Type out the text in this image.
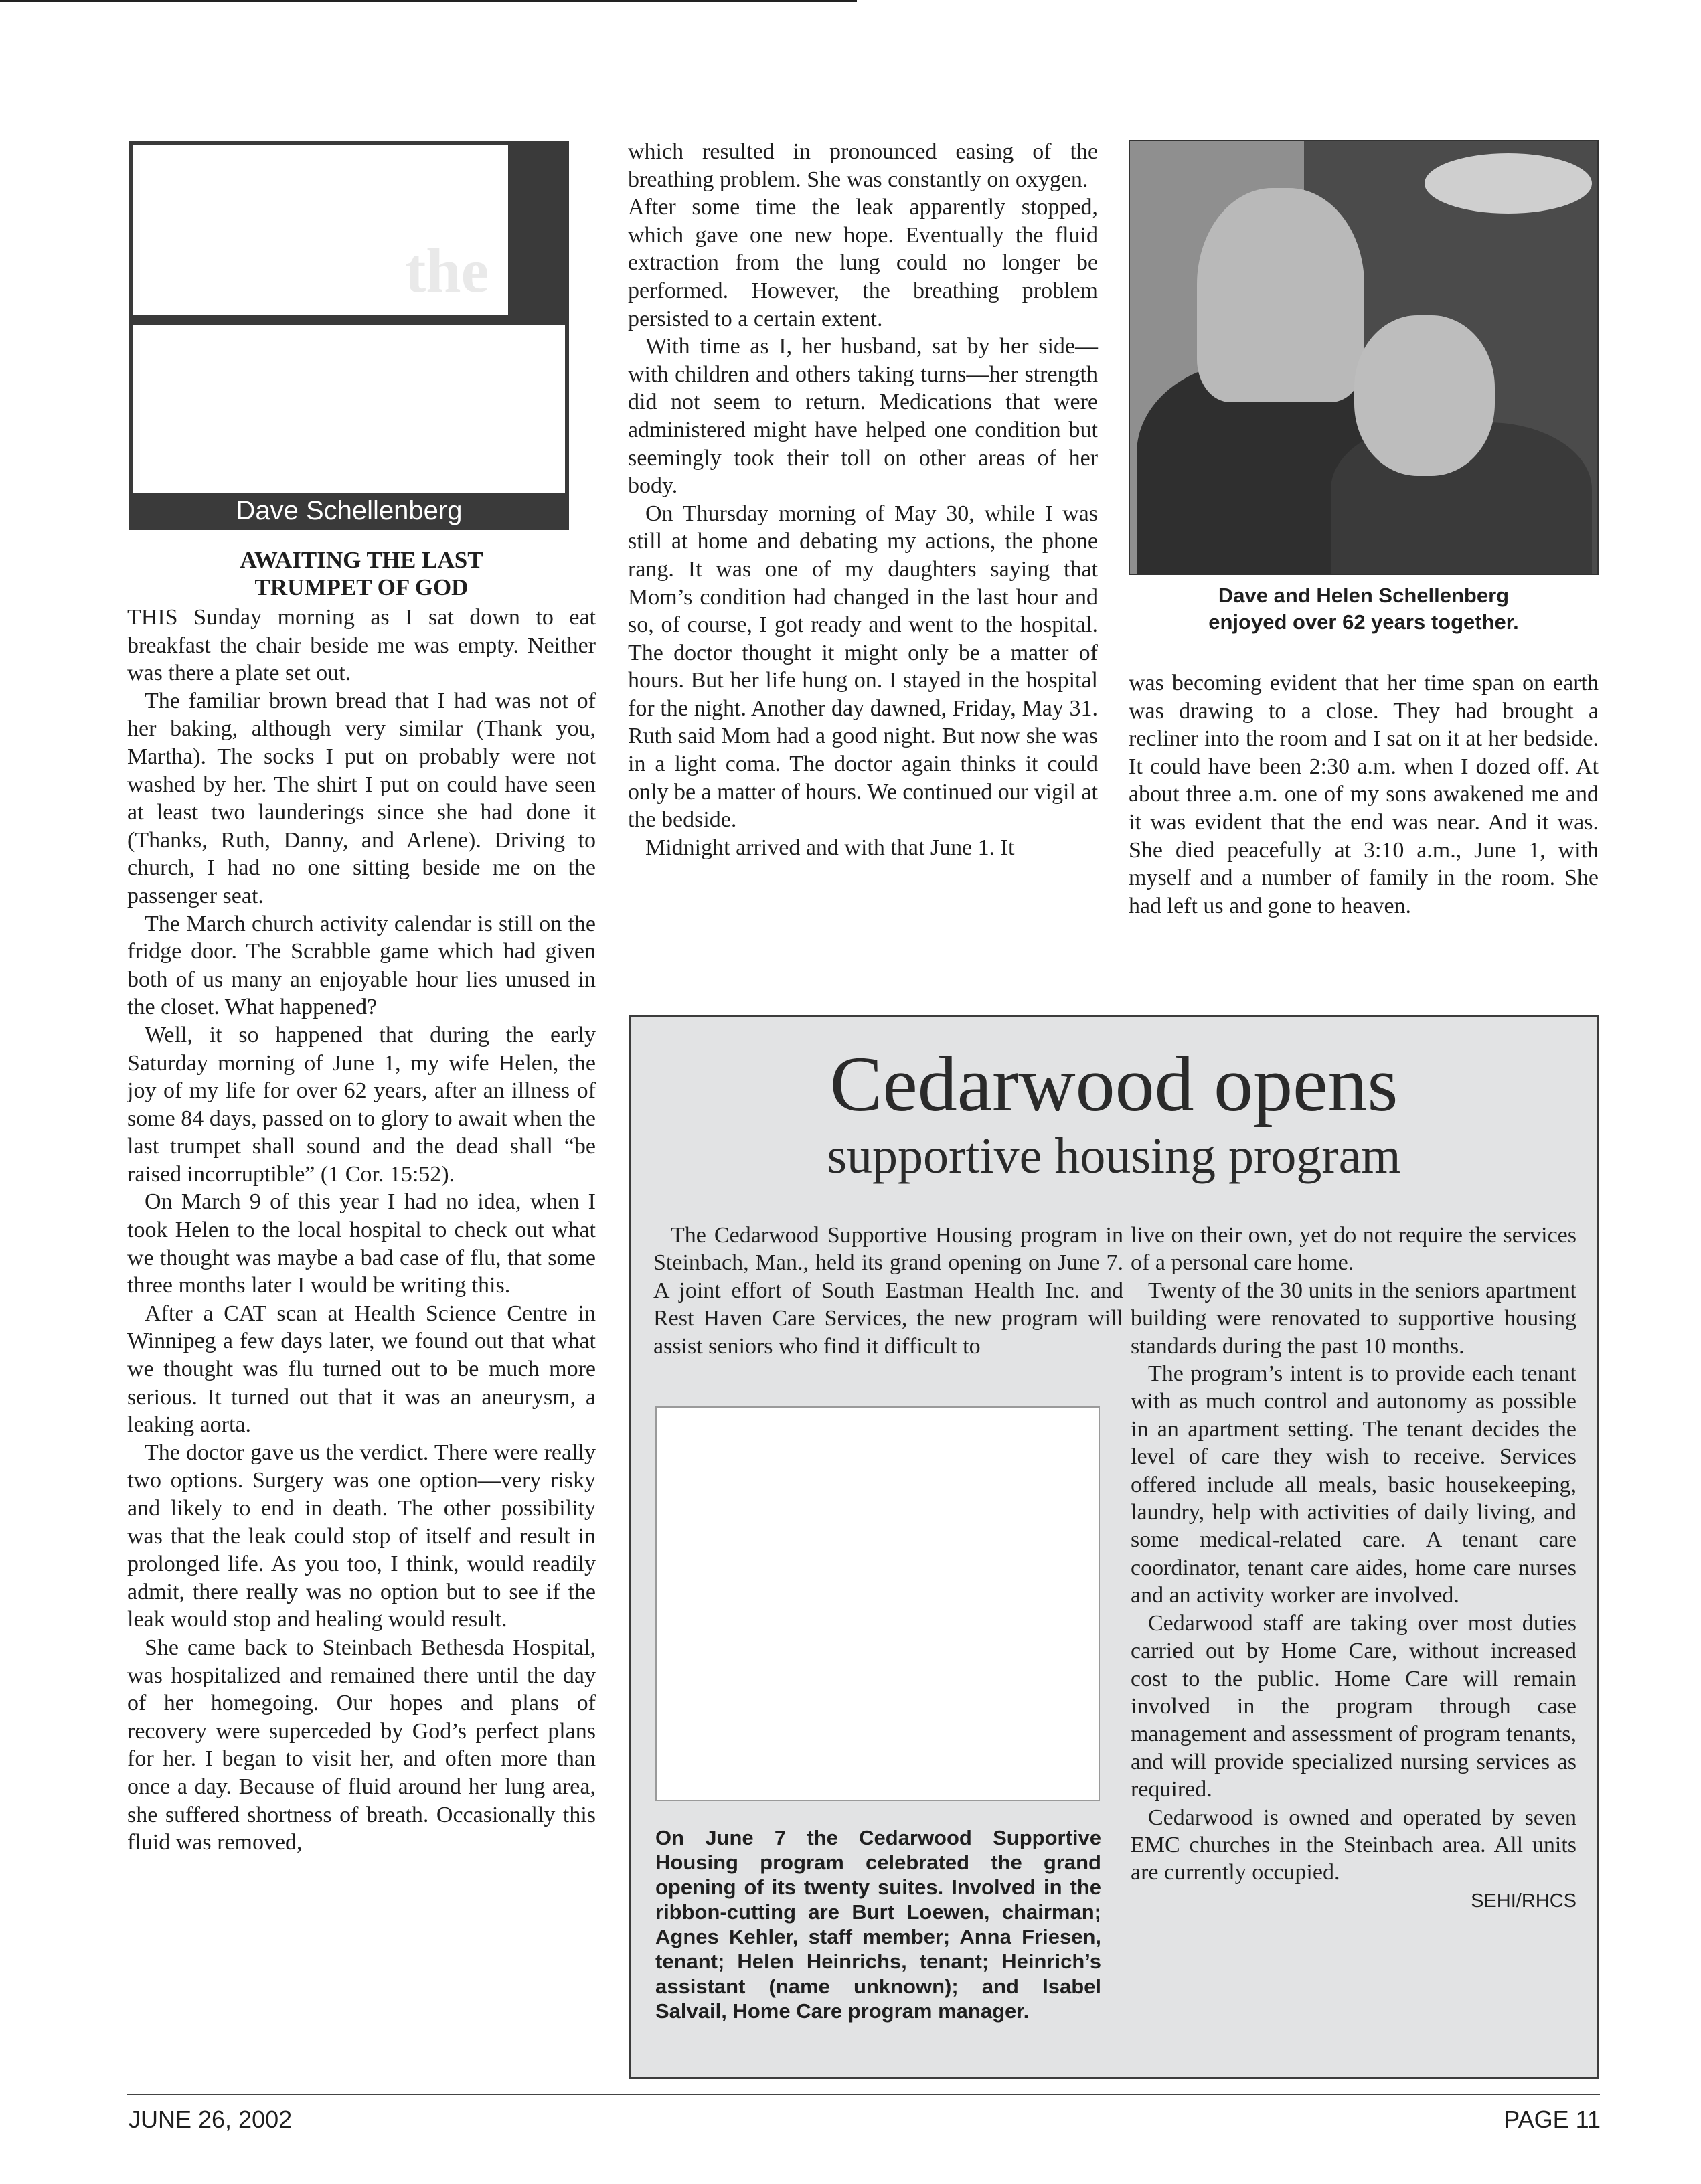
the
Dave Schellenberg
AWAITING THE LAST
TRUMPET OF GOD

THIS Sunday morning as I sat down to eat breakfast the chair beside me was empty. Neither was there a plate set out.

The familiar brown bread that I had was not of her baking, although very similar (Thank you, Martha). The socks I put on probably were not washed by her. The shirt I put on could have seen at least two launderings since she had done it (Thanks, Ruth, Danny, and Arlene). Driving to church, I had no one sitting beside me on the passenger seat.

The March church activity calendar is still on the fridge door. The Scrabble game which had given both of us many an enjoyable hour lies unused in the closet. What happened?

Well, it so happened that during the early Saturday morning of June 1, my wife Helen, the joy of my life for over 62 years, after an illness of some 84 days, passed on to glory to await when the last trumpet shall sound and the dead shall “be raised incorruptible” (1 Cor. 15:52).

On March 9 of this year I had no idea, when I took Helen to the local hospital to check out what we thought was maybe a bad case of flu, that some three months later I would be writing this.

After a CAT scan at Health Science Centre in Winnipeg a few days later, we found out that what we thought was flu turned out to be much more serious. It turned out that it was an aneurysm, a leaking aorta.

The doctor gave us the verdict. There were really two options. Surgery was one option—very risky and likely to end in death. The other possibility was that the leak could stop of itself and result in prolonged life. As you too, I think, would readily admit, there really was no option but to see if the leak would stop and healing would result.

She came back to Steinbach Bethesda Hospital, was hospitalized and remained there until the day of her homegoing. Our hopes and plans of recovery were superceded by God’s perfect plans for her. I began to visit her, and often more than once a day. Because of fluid around her lung area, she suffered shortness of breath. Occasionally this fluid was removed,

which resulted in pronounced easing of the breathing problem. She was constantly on oxygen.

After some time the leak apparently stopped, which gave one new hope. Eventually the fluid extraction from the lung could no longer be performed. However, the breathing problem persisted to a certain extent.

With time as I, her husband, sat by her side—with children and others taking turns—her strength did not seem to return. Medications that were administered might have helped one condition but seemingly took their toll on other areas of her body.

On Thursday morning of May 30, while I was still at home and debating my actions, the phone rang. It was one of my daughters saying that Mom’s condition had changed in the last hour and so, of course, I got ready and went to the hospital. The doctor thought it might only be a matter of hours. But her life hung on. I stayed in the hospital for the night. Another day dawned, Friday, May 31. Ruth said Mom had a good night. But now she was in a light coma. The doctor again thinks it could only be a matter of hours. We continued our vigil at the bedside.

Midnight arrived and with that June 1. It

Dave and Helen Schellenberg
enjoyed over 62 years together.

was becoming evident that her time span on earth was drawing to a close. They had brought a recliner into the room and I sat on it at her bedside. It could have been 2:30 a.m. when I dozed off. At about three a.m. one of my sons awakened me and it was evident that the end was near. And it was. She died peacefully at 3:10 a.m., June 1, with myself and a number of family in the room. She had left us and gone to heaven.

Cedarwood opens
supportive housing program

The Cedarwood Supportive Housing program in Steinbach, Man., held its grand opening on June 7. A joint effort of South Eastman Health Inc. and Rest Haven Care Services, the new program will assist seniors who find it difficult to

On June 7 the Cedarwood Supportive Housing program celebrated the grand opening of its twenty suites. Involved in the ribbon-cutting are Burt Loewen, chairman; Agnes Kehler, staff member; Anna Friesen, tenant; Helen Heinrichs, tenant; Heinrich’s assistant (name unknown); and Isabel Salvail, Home Care program manager.

live on their own, yet do not require the services of a personal care home.

Twenty of the 30 units in the seniors apartment building were renovated to supportive housing standards during the past 10 months.

The program’s intent is to provide each tenant with as much control and autonomy as possible in an apartment setting. The tenant decides the level of care they wish to receive. Services offered include all meals, basic housekeeping, laundry, help with activities of daily living, and some medical-related care. A tenant care coordinator, tenant care aides, home care nurses and an activity worker are involved.

Cedarwood staff are taking over most duties carried out by Home Care, without increased cost to the public. Home Care will remain involved in the program through case management and assessment of program tenants, and will provide specialized nursing services as required.

Cedarwood is owned and operated by seven EMC churches in the Steinbach area. All units are currently occupied.

SEHI/RHCS
JUNE 26, 2002	PAGE 11
